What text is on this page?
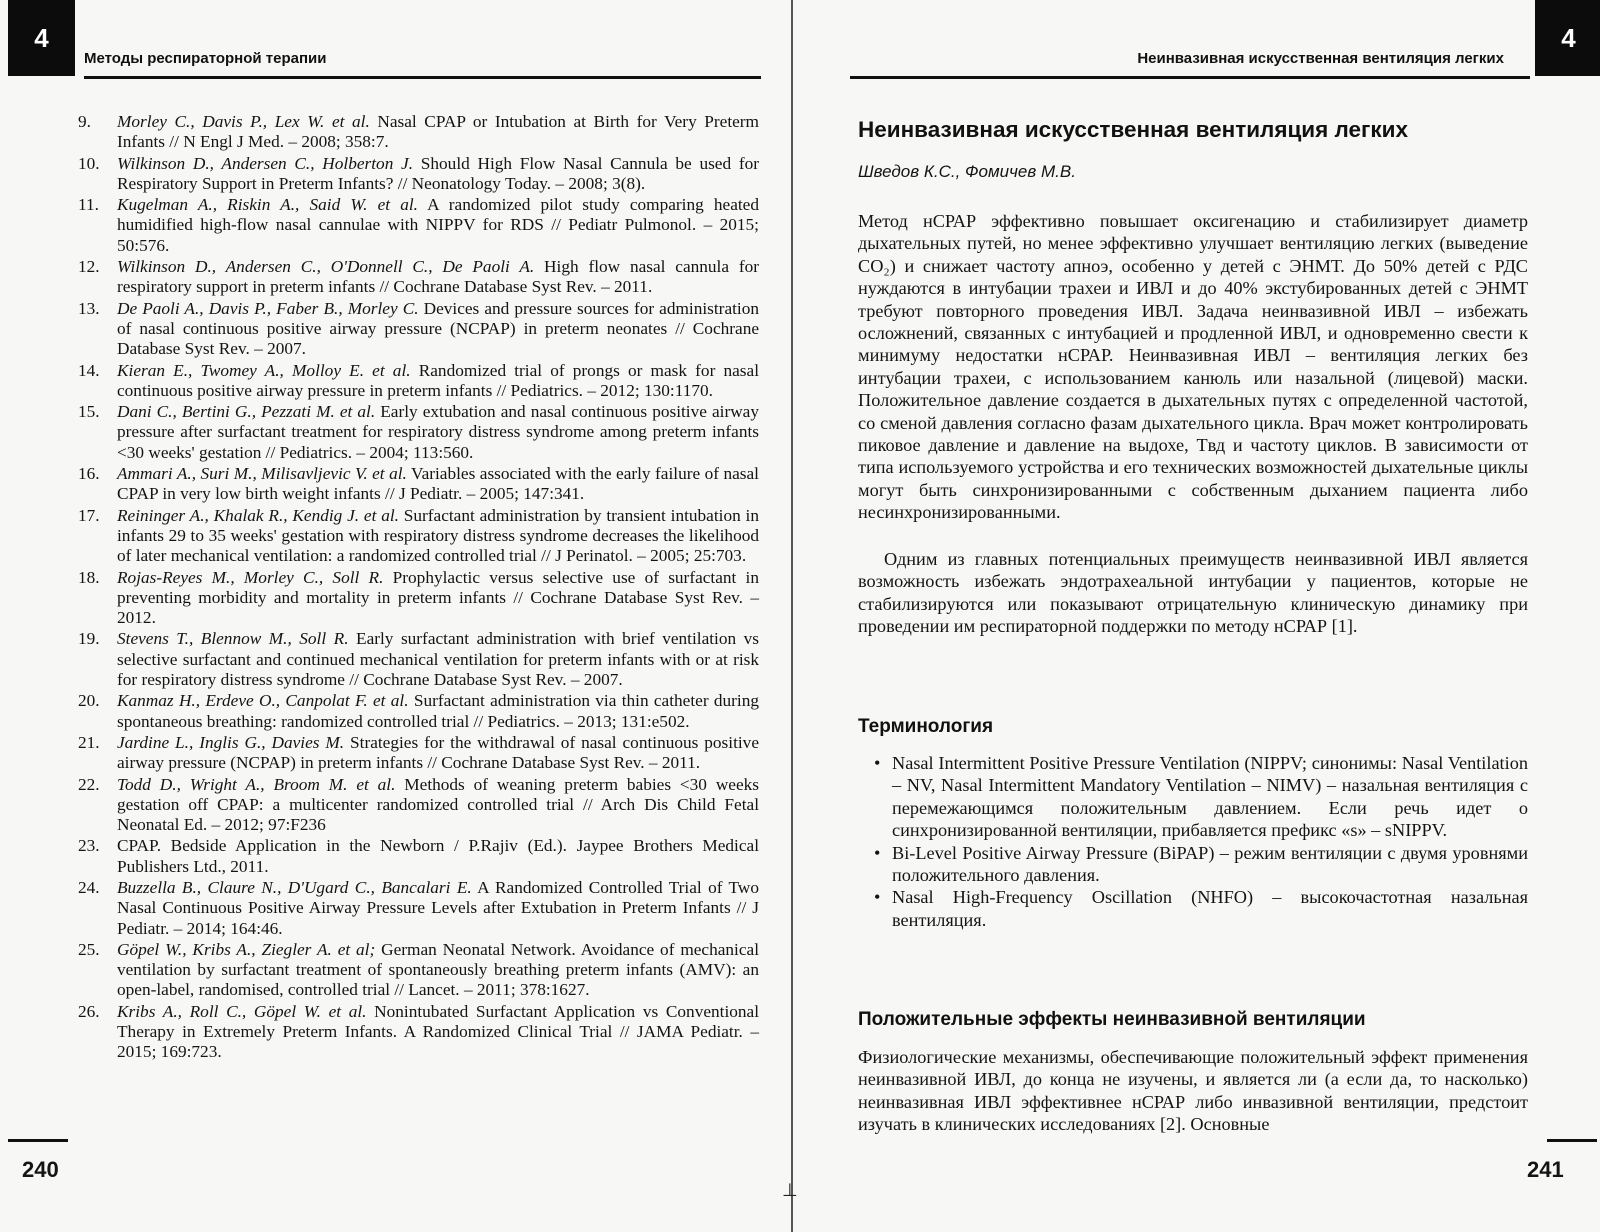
⊥
4
Методы респираторной терапии
9.	Morley C., Davis P., Lex W. et al. Nasal CPAP or Intubation at Birth for Very Preterm Infants // N Engl J Med. – 2008; 358:7.
10.	Wilkinson D., Andersen C., Holberton J. Should High Flow Nasal Cannula be used for Respiratory Support in Preterm Infants? // Neonatology Today. – 2008; 3(8).
11.	Kugelman A., Riskin A., Said W. et al. A randomized pilot study comparing heated humidified high-flow nasal cannulae with NIPPV for RDS // Pediatr Pulmonol. – 2015; 50:576.
12.	Wilkinson D., Andersen C., O'Donnell C., De Paoli A. High flow nasal cannula for respiratory support in preterm infants // Cochrane Database Syst Rev. – 2011.
13.	De Paoli A., Davis P., Faber B., Morley C. Devices and pressure sources for administration of nasal continuous positive airway pressure (NCPAP) in preterm neonates // Cochrane Database Syst Rev. – 2007.
14.	Kieran E., Twomey A., Molloy E. et al. Randomized trial of prongs or mask for nasal continuous positive airway pressure in preterm infants // Pediatrics. – 2012; 130:1170.
15.	Dani C., Bertini G., Pezzati M. et al. Early extubation and nasal continuous positive airway pressure after surfactant treatment for respiratory distress syndrome among preterm infants <30 weeks' gestation // Pediatrics. – 2004; 113:560.
16.	Ammari A., Suri M., Milisavljevic V. et al. Variables associated with the early failure of nasal CPAP in very low birth weight infants // J Pediatr. – 2005; 147:341.
17.	Reininger A., Khalak R., Kendig J. et al. Surfactant administration by transient intubation in infants 29 to 35 weeks' gestation with respiratory distress syndrome decreases the likelihood of later mechanical ventilation: a randomized controlled trial // J Perinatol. – 2005; 25:703.
18.	Rojas-Reyes M., Morley C., Soll R. Prophylactic versus selective use of surfactant in preventing morbidity and mortality in preterm infants // Cochrane Database Syst Rev. – 2012.
19.	Stevens T., Blennow M., Soll R. Early surfactant administration with brief ventilation vs selective surfactant and continued mechanical ventilation for preterm infants with or at risk for respiratory distress syndrome // Cochrane Database Syst Rev. – 2007.
20.	Kanmaz H., Erdeve O., Canpolat F. et al. Surfactant administration via thin catheter during spontaneous breathing: randomized controlled trial // Pediatrics. – 2013; 131:e502.
21.	Jardine L., Inglis G., Davies M. Strategies for the withdrawal of nasal continuous positive airway pressure (NCPAP) in preterm infants // Cochrane Database Syst Rev. – 2011.
22.	Todd D., Wright A., Broom M. et al. Methods of weaning preterm babies <30 weeks gestation off CPAP: a multicenter randomized controlled trial // Arch Dis Child Fetal Neonatal Ed. – 2012; 97:F236
23.	CPAP. Bedside Application in the Newborn / P.Rajiv (Ed.). Jaypee Brothers Medical Publishers Ltd., 2011.
24.	Buzzella B., Claure N., D'Ugard C., Bancalari E. A Randomized Controlled Trial of Two Nasal Continuous Positive Airway Pressure Levels after Extubation in Preterm Infants // J Pediatr. – 2014; 164:46.
25.	Göpel W., Kribs A., Ziegler A. et al; German Neonatal Network. Avoidance of mechanical ventilation by surfactant treatment of spontaneously breathing preterm infants (AMV): an open-label, randomised, controlled trial // Lancet. – 2011; 378:1627.
26.	Kribs A., Roll C., Göpel W. et al. Nonintubated Surfactant Application vs Conventional Therapy in Extremely Preterm Infants. A Randomized Clinical Trial // JAMA Pediatr. – 2015; 169:723.
240
4
Неинвазивная искусственная вентиляция легких
Неинвазивная искусственная вентиляция легких
Шведов К.С., Фомичев М.В.

Метод нСРАР эффективно повышает оксигенацию и стабилизирует диаметр дыхательных путей, но менее эффективно улучшает вентиляцию легких (выведение СО₂) и снижает частоту апноэ, особенно у детей с ЭНМТ. До 50% детей с РДС нуждаются в интубации трахеи и ИВЛ и до 40% экстубированных детей с ЭНМТ требуют повторного проведения ИВЛ. Задача неинвазивной ИВЛ – избежать осложнений, связанных с интубацией и продленной ИВЛ, и одновременно свести к минимуму недостатки нСРАР. Неинвазивная ИВЛ – вентиляция легких без интубации трахеи, с использованием канюль или назальной (лицевой) маски. Положительное давление создается в дыхательных путях с определенной частотой, со сменой давления согласно фазам дыхательного цикла. Врач может контролировать пиковое давление и давление на выдохе, Tвд и частоту циклов. В зависимости от типа используемого устройства и его технических возможностей дыхательные циклы могут быть синхронизированными с собственным дыханием пациента либо несинхронизированными.

Одним из главных потенциальных преимуществ неинвазивной ИВЛ является возможность избежать эндотрахеальной интубации у пациентов, которые не стабилизируются или показывают отрицательную клиническую динамику при проведении им респираторной поддержки по методу нСРАР [1].

Терминология
• Nasal Intermittent Positive Pressure Ventilation (NIPPV; синонимы: Nasal Ventilation – NV, Nasal Intermittent Mandatory Ventilation – NIMV) – назальная вентиляция с перемежающимся положительным давлением. Если речь идет о синхронизированной вентиляции, прибавляется префикс «s» – sNIPPV.
• Bi-Level Positive Airway Pressure (BiPAP) – режим вентиляции с двумя уровнями положительного давления.
• Nasal High-Frequency Oscillation (NHFO) – высокочастотная назальная вентиляция.
Положительные эффекты неинвазивной вентиляции

Физиологические механизмы, обеспечивающие положительный эффект применения неинвазивной ИВЛ, до конца не изучены, и является ли (а если да, то насколько) неинвазивная ИВЛ эффективнее нСРАР либо инвазивной вентиляции, предстоит изучать в клинических исследованиях [2]. Основные

241
